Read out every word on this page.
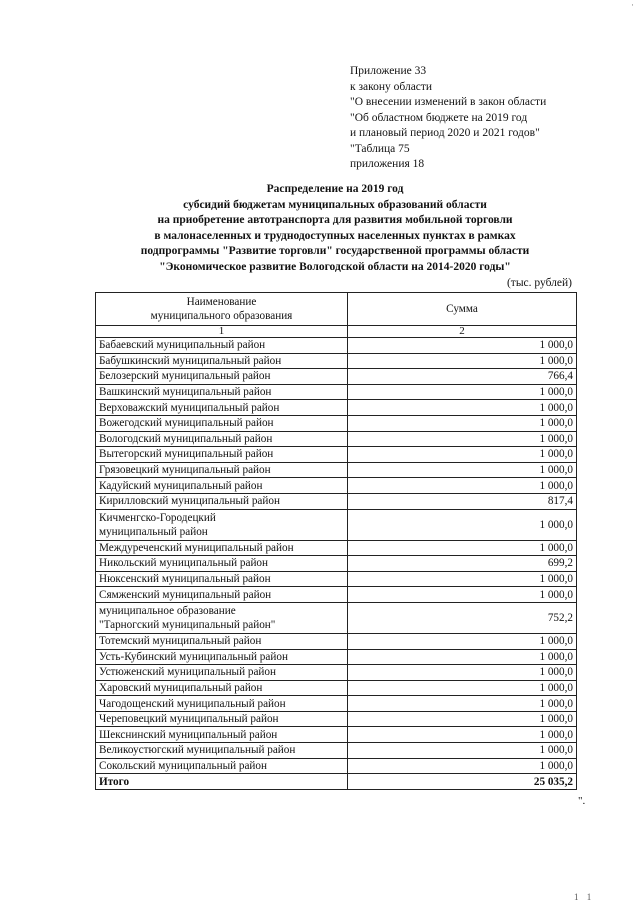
·
Приложение 33
к закону области
"О внесении изменений в закон области
"Об областном бюджете на 2019 год
и плановый период 2020 и 2021 годов"
"Таблица 75
приложения 18
Распределение на 2019 год
субсидий бюджетам муниципальных образований области
на приобретение автотранспорта для развития мобильной торговли
в малонаселенных и труднодоступных населенных пунктах в рамках
подпрограммы "Развитие торговли" государственной программы области
"Экономическое развитие Вологодской области на 2014-2020 годы"
(тыс. рублей)
Наименование
муниципального образования	Сумма
1	2
Бабаевский муниципальный район	1 000,0
Бабушкинский муниципальный район	1 000,0
Белозерский муниципальный район	766,4
Вашкинский муниципальный район	1 000,0
Верховажский муниципальный район	1 000,0
Вожегодский муниципальный район	1 000,0
Вологодский муниципальный район	1 000,0
Вытегорский муниципальный район	1 000,0
Грязовецкий муниципальный район	1 000,0
Кадуйский муниципальный район	1 000,0
Кирилловский муниципальный район	817,4

Кичменгско-Городецкий
муниципальный район	1 000,0
Междуреченский муниципальный район	1 000,0
Никольский муниципальный район	699,2
Нюксенский муниципальный район	1 000,0
Сямженский муниципальный район	1 000,0

муниципальное образование
"Тарногский муниципальный район"	752,2
Тотемский муниципальный район	1 000,0
Усть-Кубинский муниципальный район	1 000,0
Устюженский муниципальный район	1 000,0
Харовский муниципальный район	1 000,0
Чагодощенский муниципальный район	1 000,0
Череповецкий муниципальный район	1 000,0
Шекснинский муниципальный район	1 000,0
Великоустюгский муниципальный район	1 000,0
Сокольский муниципальный район	1 000,0
Итого	25 035,2
".
1 1
